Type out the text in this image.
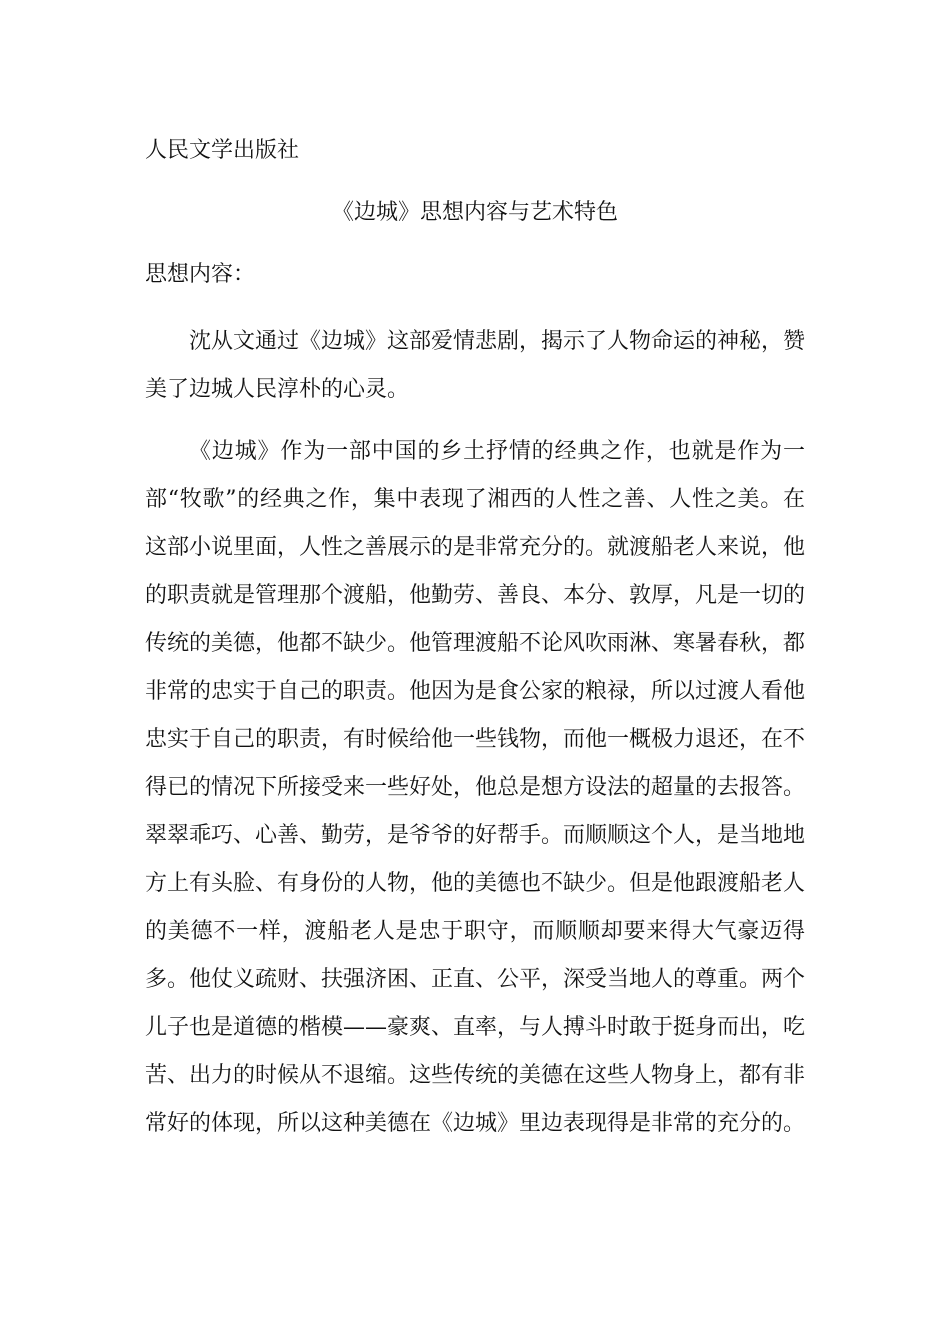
人民文学出版社
《边城》思想内容与艺术特色
思想内容：

沈从文通过《边城》这部爱情悲剧，揭示了人物命运的神秘，赞美了边城人民淳朴的心灵。

《边城》作为一部中国的乡土抒情的经典之作，也就是作为一部“牧歌”的经典之作，集中表现了湘西的人性之善、人性之美。在这部小说里面，人性之善展示的是非常充分的。就渡船老人来说，他的职责就是管理那个渡船，他勤劳、善良、本分、敦厚，凡是一切的传统的美德，他都不缺少。他管理渡船不论风吹雨淋、寒暑春秋，都非常的忠实于自己的职责。他因为是食公家的粮禄，所以过渡人看他忠实于自己的职责，有时候给他一些钱物，而他一概极力退还，在不得已的情况下所接受来一些好处，他总是想方设法的超量的去报答。翠翠乖巧、心善、勤劳，是爷爷的好帮手。而顺顺这个人，是当地地方上有头脸、有身份的人物，他的美德也不缺少。但是他跟渡船老人的美德不一样，渡船老人是忠于职守，而顺顺却要来得大气豪迈得多。他仗义疏财、扶强济困、正直、公平，深受当地人的尊重。两个儿子也是道德的楷模——豪爽、直率，与人搏斗时敢于挺身而出，吃苦、出力的时候从不退缩。这些传统的美德在这些人物身上，都有非常好的体现，所以这种美德在《边城》里边表现得是非常的充分的。
